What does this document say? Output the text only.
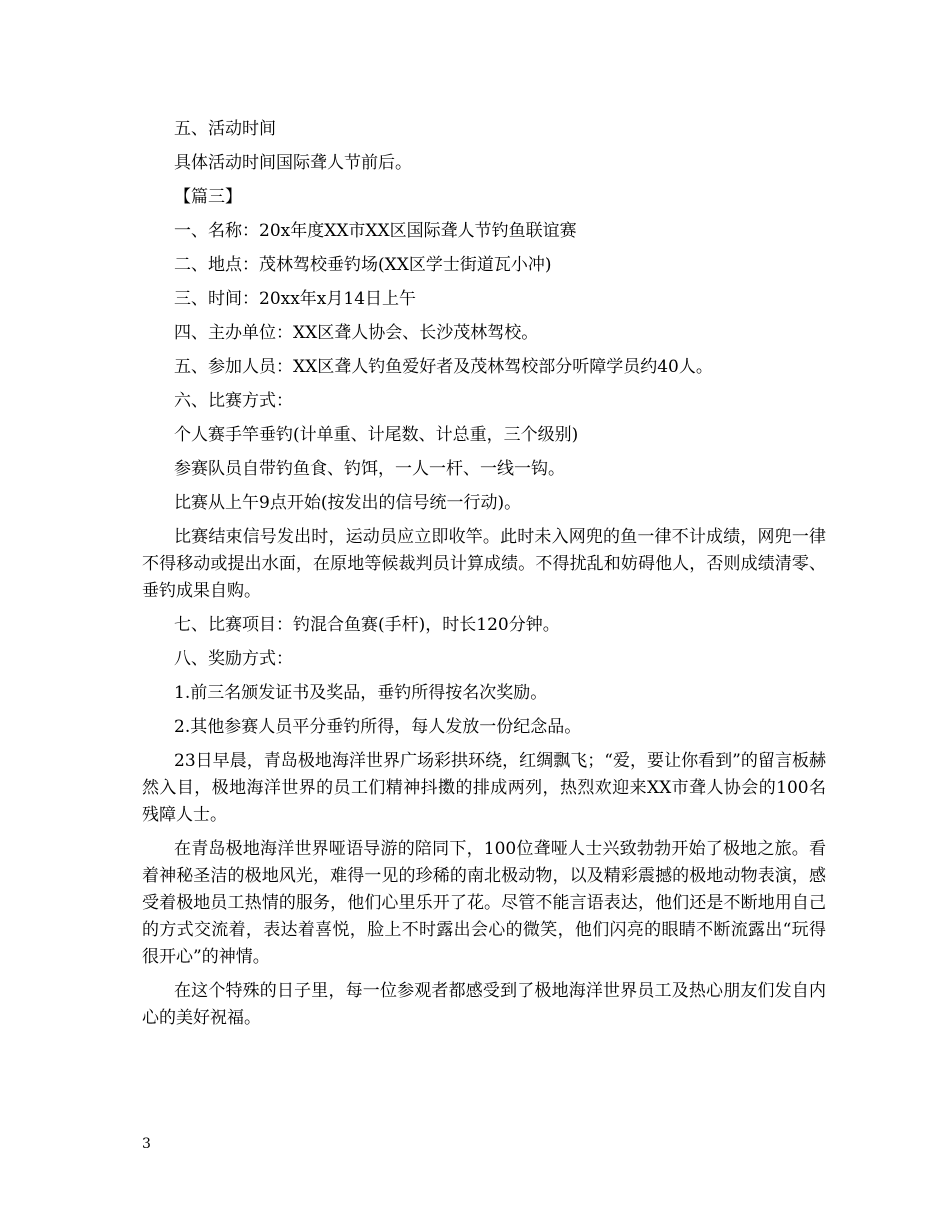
五、活动时间

具体活动时间国际聋人节前后。

【篇三】

一、名称：20x年度XX市XX区国际聋人节钓鱼联谊赛

二、地点：茂林驾校垂钓场(XX区学士街道瓦小冲)

三、时间：20xx年x月14日上午

四、主办单位：XX区聋人协会、长沙茂林驾校。

五、参加人员：XX区聋人钓鱼爱好者及茂林驾校部分听障学员约40人。

六、比赛方式：

个人赛手竿垂钓(计单重、计尾数、计总重，三个级别)

参赛队员自带钓鱼食、钓饵，一人一杆、一线一钩。

比赛从上午9点开始(按发出的信号统一行动)。

比赛结束信号发出时，运动员应立即收竿。此时未入网兜的鱼一律不计成绩，网兜一律不得移动或提出水面，在原地等候裁判员计算成绩。不得扰乱和妨碍他人，否则成绩清零、垂钓成果自购。

七、比赛项目：钓混合鱼赛(手杆)，时长120分钟。

八、奖励方式：

1.前三名颁发证书及奖品，垂钓所得按名次奖励。

2.其他参赛人员平分垂钓所得，每人发放一份纪念品。

23日早晨，青岛极地海洋世界广场彩拱环绕，红绸飘飞；“爱，要让你看到”的留言板赫然入目，极地海洋世界的员工们精神抖擞的排成两列，热烈欢迎来XX市聋人协会的100名残障人士。

在青岛极地海洋世界哑语导游的陪同下，100位聋哑人士兴致勃勃开始了极地之旅。看着神秘圣洁的极地风光，难得一见的珍稀的南北极动物，以及精彩震撼的极地动物表演，感受着极地员工热情的服务，他们心里乐开了花。尽管不能言语表达，他们还是不断地用自己的方式交流着，表达着喜悦，脸上不时露出会心的微笑，他们闪亮的眼睛不断流露出“玩得很开心”的神情。

在这个特殊的日子里，每一位参观者都感受到了极地海洋世界员工及热心朋友们发自内心的美好祝福。

3
